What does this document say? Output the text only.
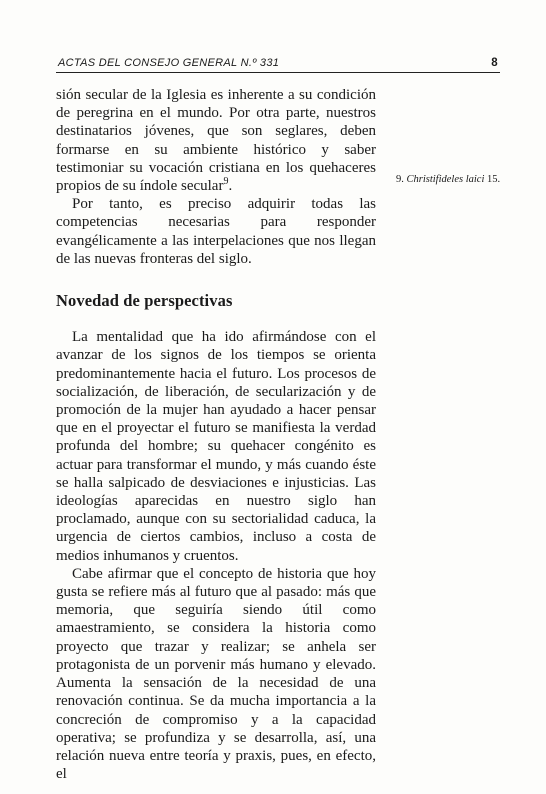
ACTAS DEL CONSEJO GENERAL N.º 331	8

sión secular de la Iglesia es inherente a su condición de peregrina en el mundo. Por otra parte, nuestros destinatarios jóvenes, que son seglares, deben formarse en su ambiente histórico y saber testimoniar su vocación cristiana en los quehaceres propios de su índole secular$^9$.

Por tanto, es preciso adquirir todas las competencias necesarias para responder evangélicamente a las interpelaciones que nos llegan de las nuevas fronteras del siglo.

Novedad de perspectivas

La mentalidad que ha ido afirmándose con el avanzar de los signos de los tiempos se orienta predominantemente hacia el futuro. Los procesos de socialización, de liberación, de secularización y de promoción de la mujer han ayudado a hacer pensar que en el proyectar el futuro se manifiesta la verdad profunda del hombre; su quehacer congénito es actuar para transformar el mundo, y más cuando éste se halla salpicado de desviaciones e injusticias. Las ideologías aparecidas en nuestro siglo han proclamado, aunque con su sectorialidad caduca, la urgencia de ciertos cambios, incluso a costa de medios inhumanos y cruentos.

Cabe afirmar que el concepto de historia que hoy gusta se refiere más al futuro que al pasado: más que memoria, que seguiría siendo útil como amaestramiento, se considera la historia como proyecto que trazar y realizar; se anhela ser protagonista de un porvenir más humano y elevado. Aumenta la sensación de la necesidad de una renovación continua. Se da mucha importancia a la concreción de compromiso y a la capacidad operativa; se profundiza y se desarrolla, así, una relación nueva entre teoría y praxis, pues, en efecto, el

9. Christifideles laici 15.
